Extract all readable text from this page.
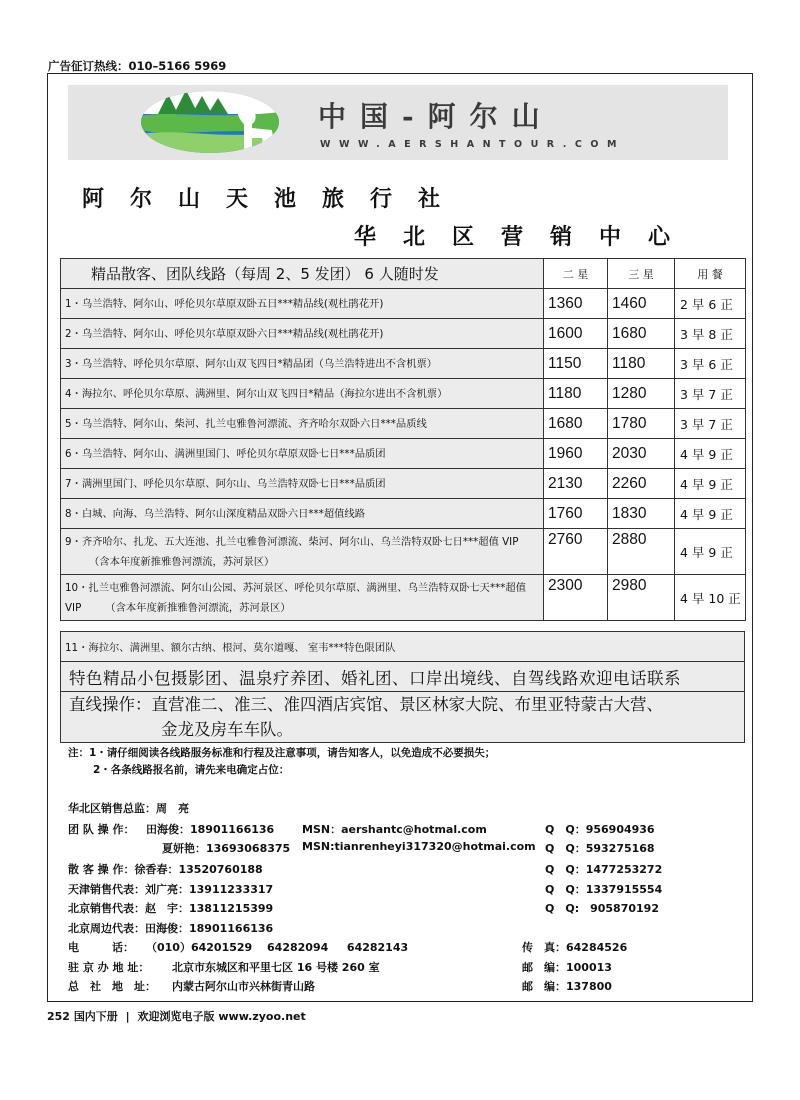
广告征订热线：010–5166 5969
中国-阿尔山
WWW.AERSHANTOUR.COM
阿尔山天池旅行社
华北区营销中心
精品散客、团队线路（每周 2、5 发团） 6 人随时发	二 星	三 星	用 餐
1・乌兰浩特、阿尔山、呼伦贝尔草原双卧五日***精品线(观杜鹃花开)	1360	1460	2 早 6 正
2・乌兰浩特、阿尔山、呼伦贝尔草原双卧六日***精品线(观杜鹃花开)	1600	1680	3 早 8 正
3・乌兰浩特、呼伦贝尔草原、阿尔山双飞四日*精品团（乌兰浩特进出不含机票）	1150	1180	3 早 6 正
4・海拉尔、呼伦贝尔草原、满洲里、阿尔山双飞四日*精品（海拉尔进出不含机票）	1180	1280	3 早 7 正
5・乌兰浩特、阿尔山、柴河、扎兰屯雅鲁河漂流、齐齐哈尔双卧六日***品质线	1680	1780	3 早 7 正
6・乌兰浩特、阿尔山、满洲里国门、呼伦贝尔草原双卧七日***品质团	1960	2030	4 早 9 正
7・满洲里国门、呼伦贝尔草原、阿尔山、乌兰浩特双卧七日***品质团	2130	2260	4 早 9 正
8・白城、向海、乌兰浩特、阿尔山深度精品双卧六日***超值线路	1760	1830	4 早 9 正
9・齐齐哈尔、扎龙、五大连池、扎兰屯雅鲁河漂流、柴河、阿尔山、乌兰浩特双卧七日***超值 VIP（含本年度新推雅鲁河漂流，苏河景区）	2760	2880	4 早 9 正
10・扎兰屯雅鲁河漂流、阿尔山公园、苏河景区、呼伦贝尔草原、满洲里、乌兰浩特双卧七天***超值 VIP （含本年度新推雅鲁河漂流，苏河景区）	2300	2980	4 早 10 正
11・海拉尔、满洲里、额尔古纳、根河、莫尔道嘎、 室韦***特色限团队
特色精品小包摄影团、温泉疗养团、婚礼团、口岸出境线、自驾线路欢迎电话联系
直线操作：直营准二、准三、准四酒店宾馆、景区林家大院、布里亚特蒙古大营、
金龙及房车车队。
注：1・请仔细阅读各线路服务标准和行程及注意事项，请告知客人，以免造成不必要损失；
2・各条线路报名前，请先来电确定占位：
华北区销售总监：周　亮
团 队 操 作： 田海俊：18901166136	MSN：aershantc@hotmal.com	Q　Q：956904936
夏妍艳：13693068375 MSN:tianrenheyi317320@hotmai.com Q　Q：593275168
散 客 操 作：徐香春：13520760188	Q　Q：1477253272
天津销售代表：刘广亮：13911233317	Q　Q：1337915554
北京销售代表：赵　宇：13811215399	Q　Q:　905870192
北京周边代表：田海俊：18901166136
电　　　话： （010）64201529　 64282094 　 64282143	传　真：64284526
驻 京 办 地 址： 北京市东城区和平里七区 16 号楼 260 室	邮　编：100013
总　社　地　址： 内蒙古阿尔山市兴林街青山路	邮　编：137800
252 国内下册 | 欢迎浏览电子版 www.zyoo.net
